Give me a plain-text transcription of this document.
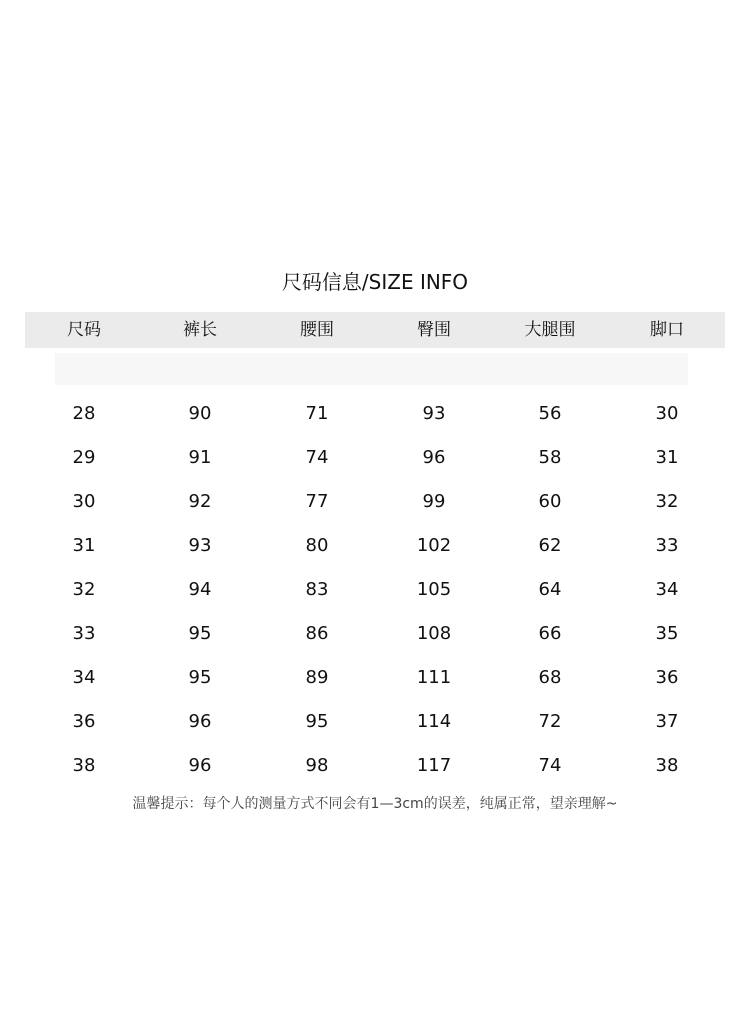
尺码信息/SIZE INFO
尺码	裤长	腰围	臀围	大腿围	脚口
28	90	71	93	56	30
29	91	74	96	58	31
30	92	77	99	60	32
31	93	80	102	62	33
32	94	83	105	64	34
33	95	86	108	66	35
34	95	89	111	68	36
36	96	95	114	72	37
38	96	98	117	74	38
温馨提示：每个人的测量方式不同会有1—3cm的误差，纯属正常，望亲理解~
